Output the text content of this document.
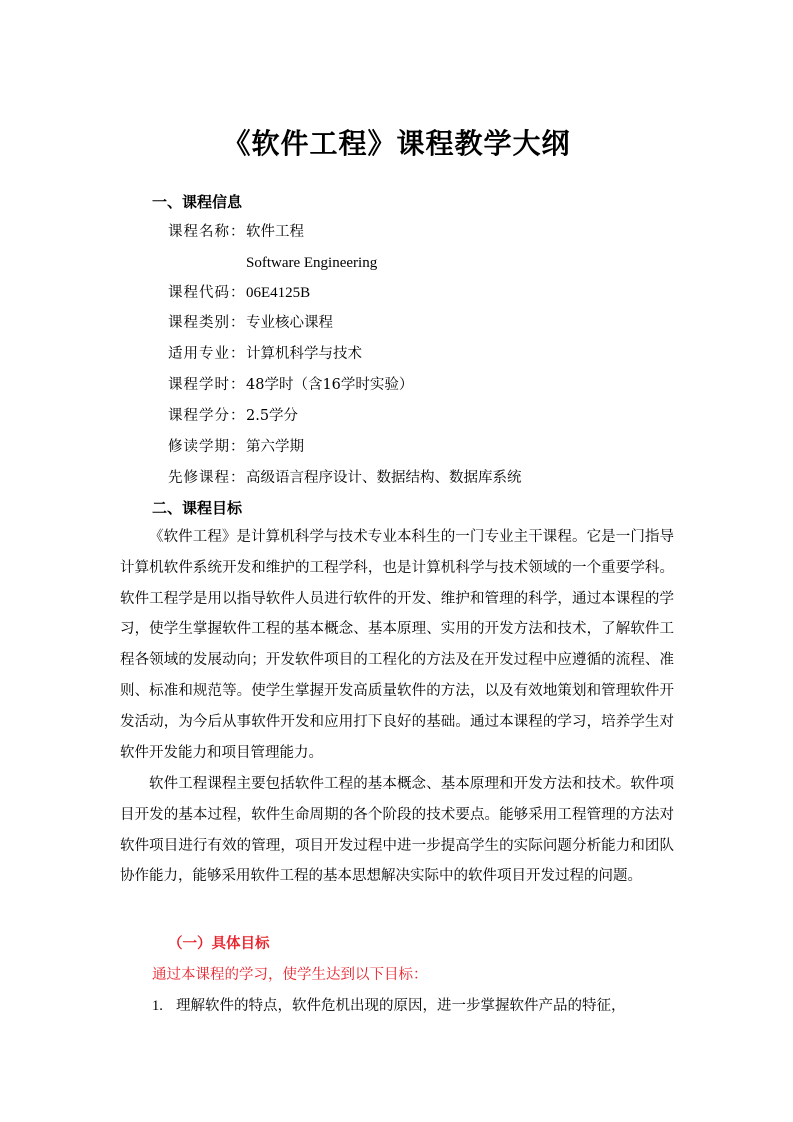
《软件工程》课程教学大纲
一、课程信息
课程名称：软件工程
Software Engineering
课程代码：06E4125B
课程类别：专业核心课程
适用专业：计算机科学与技术
课程学时：48学时（含16学时实验）
课程学分：2.5学分
修读学期：第六学期
先修课程：高级语言程序设计、数据结构、数据库系统
二、课程目标

《软件工程》是计算机科学与技术专业本科生的一门专业主干课程。它是一门指导计算机软件系统开发和维护的工程学科，也是计算机科学与技术领域的一个重要学科。软件工程学是用以指导软件人员进行软件的开发、维护和管理的科学，通过本课程的学习，使学生掌握软件工程的基本概念、基本原理、实用的开发方法和技术，了解软件工程各领域的发展动向；开发软件项目的工程化的方法及在开发过程中应遵循的流程、准则、标准和规范等。使学生掌握开发高质量软件的方法，以及有效地策划和管理软件开发活动，为今后从事软件开发和应用打下良好的基础。通过本课程的学习，培养学生对软件开发能力和项目管理能力。

软件工程课程主要包括软件工程的基本概念、基本原理和开发方法和技术。软件项目开发的基本过程，软件生命周期的各个阶段的技术要点。能够采用工程管理的方法对软件项目进行有效的管理，项目开发过程中进一步提高学生的实际问题分析能力和团队协作能力，能够采用软件工程的基本思想解决实际中的软件项目开发过程的问题。

（一）具体目标
通过本课程的学习，使学生达到以下目标：
1. 理解软件的特点，软件危机出现的原因，进一步掌握软件产品的特征，
